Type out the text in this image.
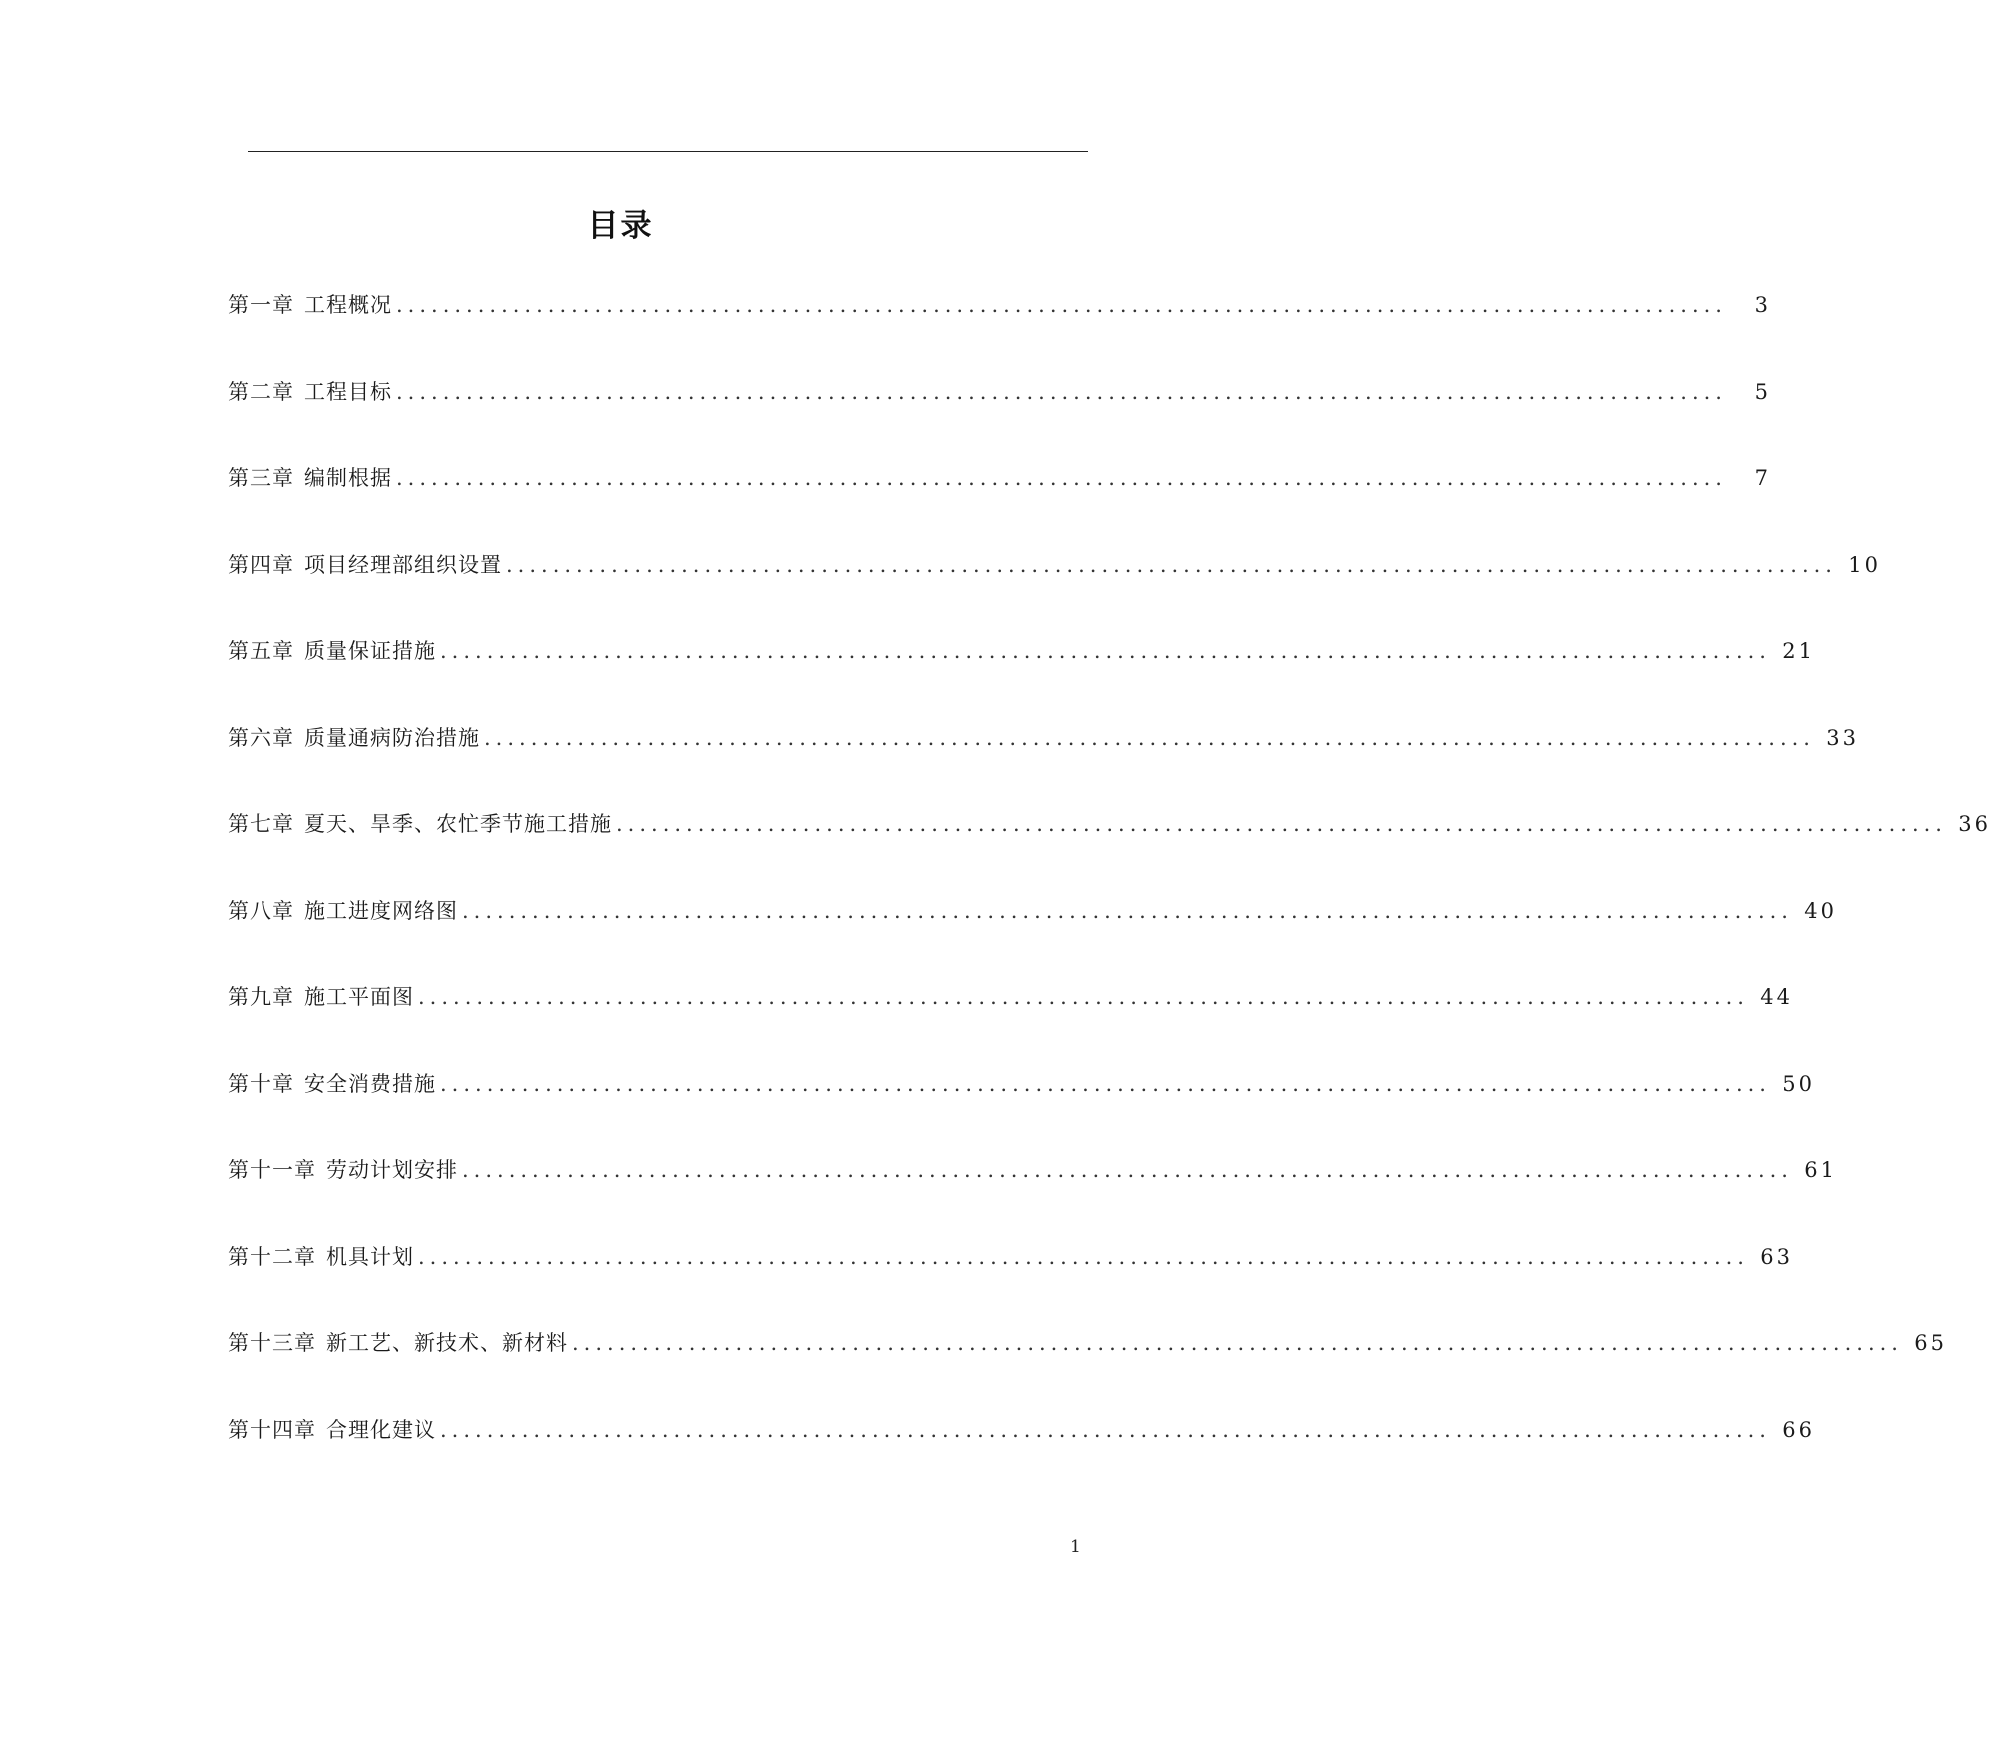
目录
第一章 工程概况 ..................................................................................................................	3
第二章 工程目标 ..................................................................................................................	5
第三章 编制根据 ..................................................................................................................	7
第四章 项目经理部组织设置 .................................................................................................................. 10
第五章 质量保证措施 .................................................................................................................. 21
第六章 质量通病防治措施 .................................................................................................................. 33
第七章 夏天、旱季、农忙季节施工措施 .................................................................................................................. 36
第八章 施工进度网络图 .................................................................................................................. 40
第九章 施工平面图 .................................................................................................................. 44
第十章 安全消费措施 .................................................................................................................. 50
第十一章 劳动计划安排 .................................................................................................................. 61
第十二章 机具计划 .................................................................................................................. 63
第十三章 新工艺、新技术、新材料 .................................................................................................................. 65
第十四章 合理化建议 .................................................................................................................. 66
1
